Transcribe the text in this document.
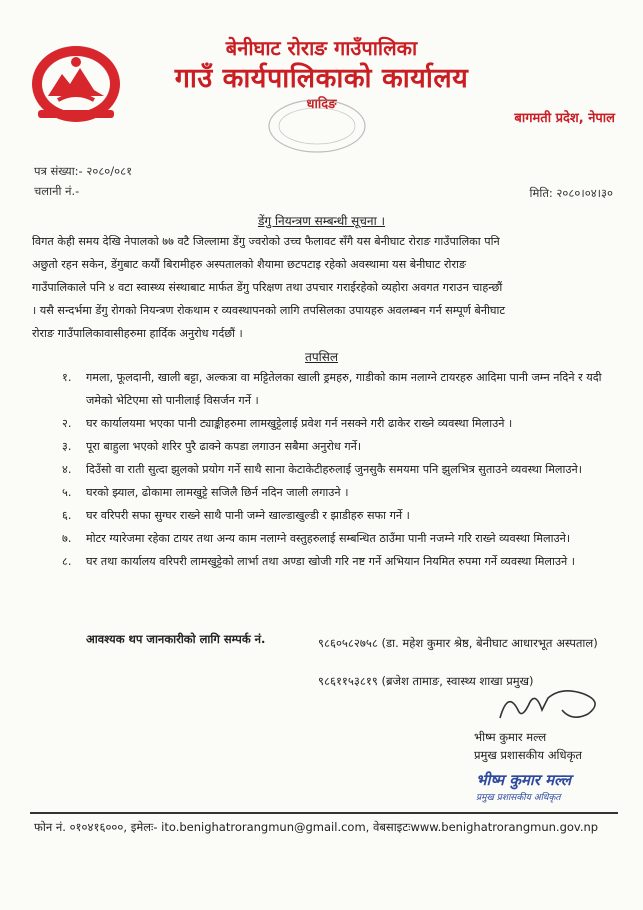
बेनीघाट रोराङ गाउँपालिका
गाउँ कार्यपालिकाको कार्यालय
धादिङ
बागमती प्रदेश, नेपाल
पत्र संख्या:- २०८०/०८१
चलानी नं.-	मिति: २०८०।०४।३०
डेंगु नियन्त्रण सम्बन्धी सूचना ।
विगत केही समय देखि नेपालको ७७ वटै जिल्लामा डेंगु ज्वरोको उच्च फैलावट सँगै यस बेनीघाट रोराङ गाउँपालिका पनि
अछुतो रहन सकेन, डेंगुबाट कयौं बिरामीहरु अस्पतालको शैयामा छटपटाइ रहेको अवस्थामा यस बेनीघाट रोराङ
गाउँपालिकाले पनि ४ वटा स्वास्थ्य संस्थाबाट मार्फत डेंगु परिक्षण तथा उपचार गराईरहेको व्यहोरा अवगत गराउन चाहन्छौं
। यसै सन्दर्भमा डेंगु रोगको नियन्त्रण रोकथाम र व्यवस्थापनको लागि तपसिलका उपायहरु अवलम्बन गर्न सम्पूर्ण बेनीघाट
रोराङ गाउँपालिकावासीहरुमा हार्दिक अनुरोध गर्दछौं ।
तपसिल
१. गमला, फूलदानी, खाली बट्टा, अल्कत्रा वा मट्टितेलका खाली ड्रमहरु, गाडीको काम नलाग्ने टायरहरु आदिमा पानी जम्न नदिने र यदी जमेको भेटिएमा सो पानीलाई विसर्जन गर्ने ।
२. घर कार्यालयमा भएका पानी ट्याङ्कीहरुमा लामखुट्टेलाई प्रवेश गर्न नसक्ने गरी ढाकेर राख्ने व्यवस्था मिलाउने ।
३. पूरा बाहुला भएको शरिर पुरै ढाक्ने कपडा लगाउन सबैमा अनुरोध गर्ने।
४. दिउँसो वा राती सुत्दा झुलको प्रयोग गर्ने साथै साना केटाकेटीहरुलाई जुनसुकै समयमा पनि झुलभित्र सुताउने व्यवस्था मिलाउने।
५. घरको झ्याल, ढोकामा लामखुट्टे सजिलै छिर्न नदिन जाली लगाउने ।
६. घर वरिपरी सफा सुग्घर राख्ने साथै पानी जम्ने खाल्डाखुल्डी र झाडीहरु सफा गर्ने ।
७. मोटर ग्यारेजमा रहेका टायर तथा अन्य काम नलाग्ने वस्तुहरुलाई सम्बन्धित ठाउँमा पानी नजम्ने गरि राख्ने व्यवस्था मिलाउने।
८. घर तथा कार्यालय वरिपरी लामखुट्टेको लार्भा तथा अण्डा खोजी गरि नष्ट गर्ने अभियान नियमित रुपमा गर्ने व्यवस्था मिलाउने ।
आवश्यक थप जानकारीको लागि सम्पर्क नं.	९८६०५८२७५८ (डा. महेश कुमार श्रेष्ठ, बेनीघाट आधारभूत अस्पताल)
९८६११५३८१९ (ब्रजेश तामाङ, स्वास्थ्य शाखा प्रमुख)
भीष्म कुमार मल्ल
प्रमुख प्रशासकीय अधिकृत
भीष्म कुमार मल्ल
प्रमुख प्रशासकीय अधिकृत
फोन नं. ०१०४१६०००, इमेलः- ito.benighatrorangmun@gmail.com, वेबसाइटःwww.benighatrorangmun.gov.np
